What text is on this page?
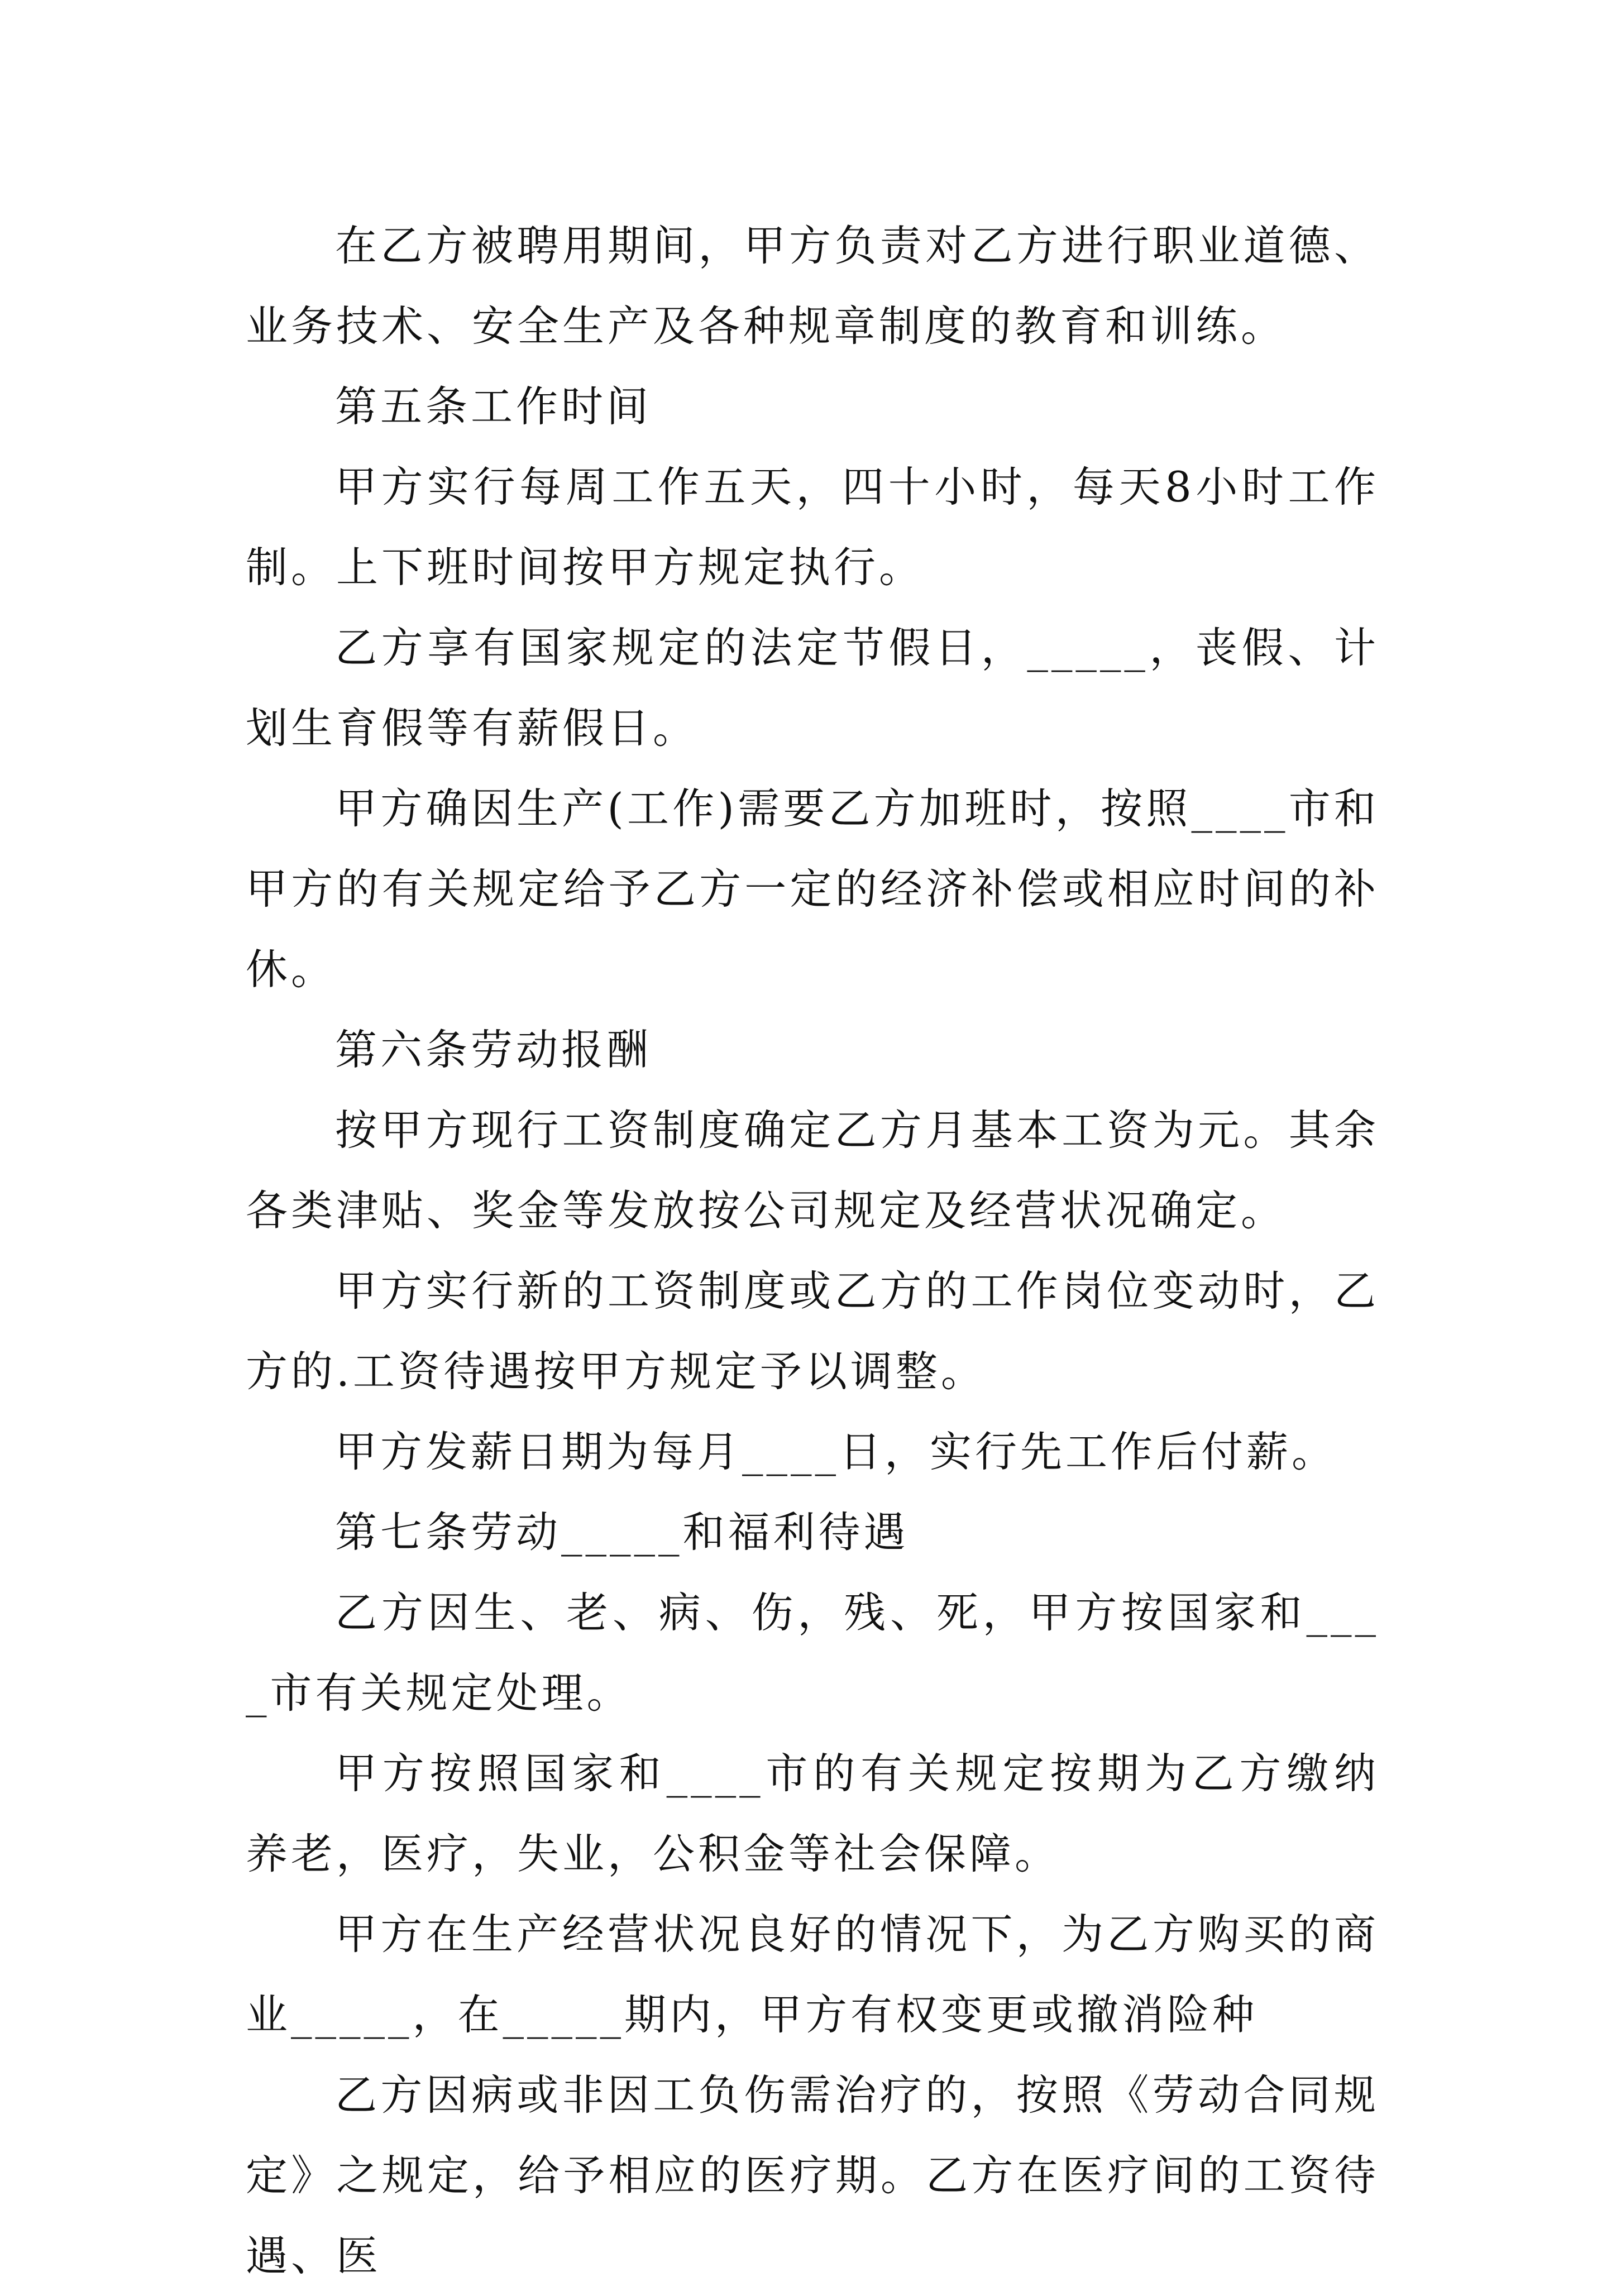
在乙方被聘用期间，甲方负责对乙方进行职业道德、业务技术、安全生产及各种规章制度的教育和训练。

第五条工作时间

甲方实行每周工作五天，四十小时，每天8小时工作制。上下班时间按甲方规定执行。

乙方享有国家规定的法定节假日，_____，丧假、计划生育假等有薪假日。

甲方确因生产(工作)需要乙方加班时，按照____市和甲方的有关规定给予乙方一定的经济补偿或相应时间的补休。

第六条劳动报酬

按甲方现行工资制度确定乙方月基本工资为元。其余各类津贴、奖金等发放按公司规定及经营状况确定。

甲方实行新的工资制度或乙方的工作岗位变动时，乙方的.工资待遇按甲方规定予以调整。

甲方发薪日期为每月____日，实行先工作后付薪。

第七条劳动_____和福利待遇

乙方因生、老、病、伤，残、死，甲方按国家和____市有关规定处理。

甲方按照国家和____市的有关规定按期为乙方缴纳养老，医疗，失业，公积金等社会保障。

甲方在生产经营状况良好的情况下，为乙方购买的商业_____，在_____期内，甲方有权变更或撤消险种

乙方因病或非因工负伤需治疗的，按照《劳动合同规定》之规定，给予相应的医疗期。乙方在医疗间的工资待遇、医
